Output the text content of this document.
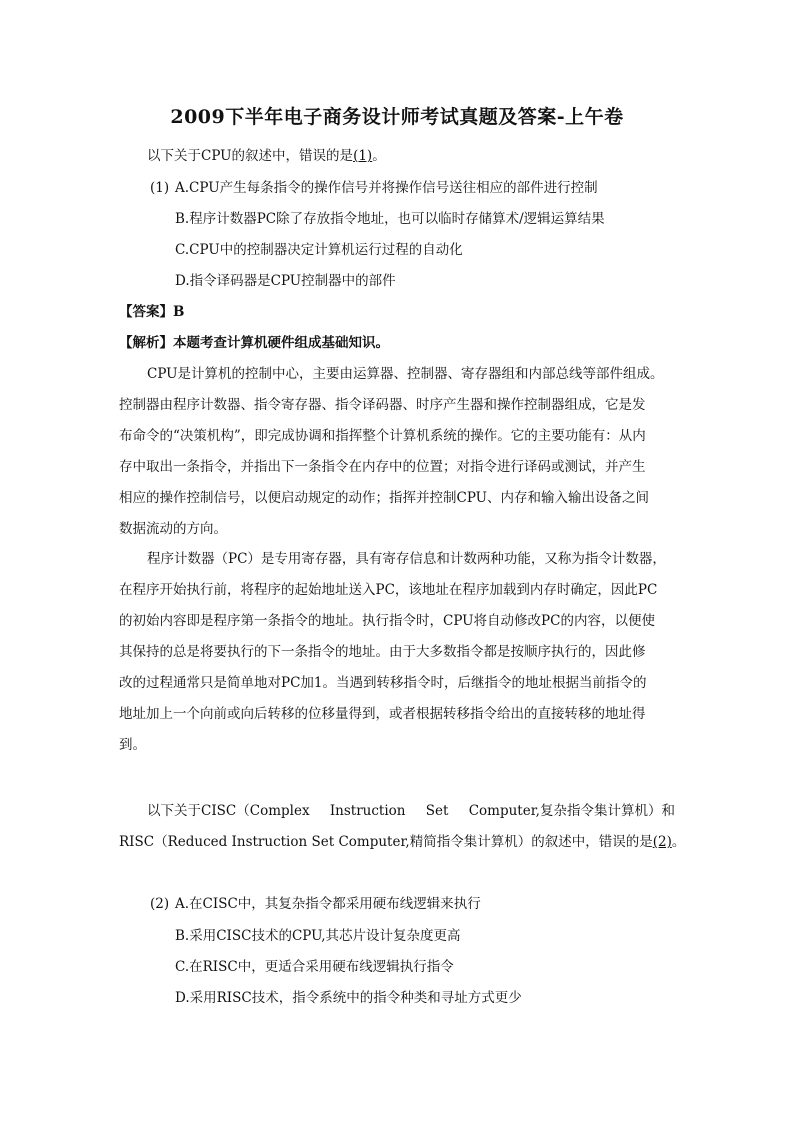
2009下半年电子商务设计师考试真题及答案-上午卷
以下关于CPU的叙述中，错误的是(1)。
(1) A.CPU产生每条指令的操作信号并将操作信号送往相应的部件进行控制
B.程序计数器PC除了存放指令地址，也可以临时存储算术/逻辑运算结果
C.CPU中的控制器决定计算机运行过程的自动化
D.指令译码器是CPU控制器中的部件
【答案】B
【解析】本题考查计算机硬件组成基础知识。
CPU是计算机的控制中心，主要由运算器、控制器、寄存器组和内部总线等部件组成。
控制器由程序计数器、指令寄存器、指令译码器、时序产生器和操作控制器组成，它是发
布命令的“决策机构”，即完成协调和指挥整个计算机系统的操作。它的主要功能有：从内
存中取出一条指令，并指出下一条指令在内存中的位置；对指令进行译码或测试，并产生
相应的操作控制信号，以便启动规定的动作；指挥并控制CPU、内存和输入输出设备之间
数据流动的方向。
程序计数器（PC）是专用寄存器，具有寄存信息和计数两种功能，又称为指令计数器，
在程序开始执行前，将程序的起始地址送入PC，该地址在程序加载到内存时确定，因此PC
的初始内容即是程序第一条指令的地址。执行指令时，CPU将自动修改PC的内容，以便使
其保持的总是将要执行的下一条指令的地址。由于大多数指令都是按顺序执行的，因此修
改的过程通常只是简单地对PC加1。当遇到转移指令时，后继指令的地址根据当前指令的
地址加上一个向前或向后转移的位移量得到，或者根据转移指令给出的直接转移的地址得
到。
以下关于CISC（Complex Instruction Set Computer,复杂指令集计算机）和
RISC（Reduced Instruction Set Computer,精简指令集计算机）的叙述中，错误的是(2)。
(2) A.在CISC中，其复杂指令都采用硬布线逻辑来执行
B.采用CISC技术的CPU,其芯片设计复杂度更高
C.在RISC中，更适合采用硬布线逻辑执行指令
D.采用RISC技术，指令系统中的指令种类和寻址方式更少
